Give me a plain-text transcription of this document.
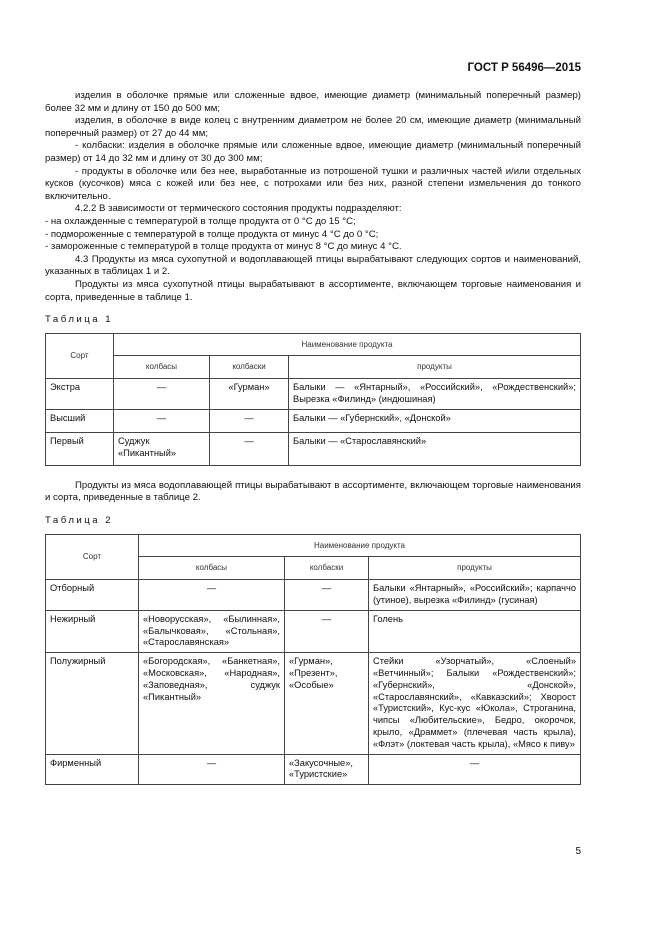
ГОСТ Р 56496—2015

изделия в оболочке прямые или сложенные вдвое, имеющие диаметр (минимальный поперечный размер) более 32 мм и длину от 150 до 500 мм;

изделия, в оболочке в виде колец с внутренним диаметром не более 20 см, имеющие диаметр (минимальный поперечный размер) от 27 до 44 мм;

- колбаски: изделия в оболочке прямые или сложенные вдвое, имеющие диаметр (минимальный поперечный размер) от 14 до 32 мм и длину от 30 до 300 мм;

- продукты в оболочке или без нее, выработанные из потрошеной тушки и различных частей и/или отдельных кусков (кусочков) мяса с кожей или без нее, с потрохами или без них, разной степени измельчения до тонкого включительно.

4.2.2 В зависимости от термического состояния продукты подразделяют:

- на охлажденные с температурой в толще продукта от 0 °С до 15 °С;

- подмороженные с температурой в толще продукта от минус 4 °С до 0 °С;

- замороженные с температурой в толще продукта от минус 8 °С до минус 4 °С.

4.3 Продукты из мяса сухопутной и водоплавающей птицы вырабатывают следующих сортов и наименований, указанных в таблицах 1 и 2.

Продукты из мяса сухопутной птицы вырабатывают в ассортименте, включающем торговые наименования и сорта, приведенные в таблице 1.

Таблица 1

Сорт	Наименование продукта		
	колбасы	колбаски	продукты
Экстра	—	«Гурман»	Балыки — «Янтарный», «Российский», «Рождественский»; Вырезка «Филинд» (индюшиная)
Высший	—	—	Балыки — «Губернский», «Донской»
Первый	Суджук «Пикантный»	—	Балыки — «Старославянский»

Продукты из мяса водоплавающей птицы вырабатывают в ассортименте, включающем торговые наименования и сорта, приведенные в таблице 2.

Таблица 2

Сорт	Наименование продукта		
	колбасы	колбаски	продукты
Отборный	—	—	Балыки «Янтарный», «Российский»; карпаччо (утиное), вырезка «Филинд» (гусиная)
Нежирный	«Новорусская», «Былинная», «Балычковая», «Стольная», «Старославянская»	—	Голень
Полужирный	«Богородская», «Банкетная», «Московская», «Народная», «Заповедная», суджук «Пикантный»	«Гурман», «Презент», «Особые»	Стейки «Узорчатый», «Слоеный» «Ветчинный»; Балыки «Рождественский»; «Губернский», «Донской», «Старославянский», «Кавказский»; Хворост «Туристский», Кус-кус «Юкола», Строганина, чипсы «Любительские», Бедро, окорочок, крыло, «Драммет» (плечевая часть крыла), «Флэт» (локтевая часть крыла), «Мясо к пиву»
Фирменный	—	«Закусочные», «Туристские»	—
5
